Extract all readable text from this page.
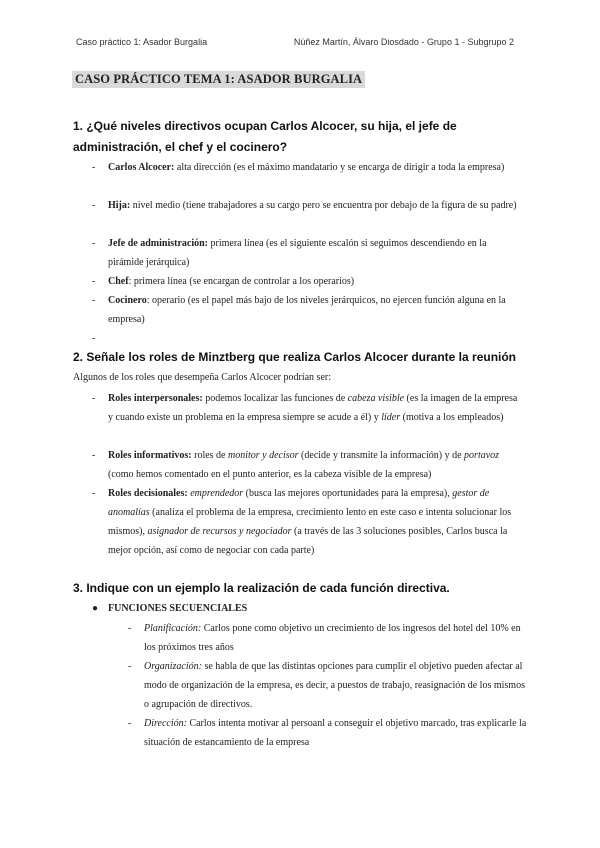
Caso práctico 1: Asador Burgalia	Núñez Martín, Álvaro Diosdado - Grupo 1 - Subgrupo 2
CASO PRÁCTICO TEMA 1: ASADOR BURGALIA
1. ¿Qué niveles directivos ocupan Carlos Alcocer, su hija, el jefe de administración, el chef y el cocinero?
- Carlos Alcocer: alta dirección (es el máximo mandatario y se encarga de dirigir a toda la empresa)
- Hija: nivel medio (tiene trabajadores a su cargo pero se encuentra por debajo de la figura de su padre)
- Jefe de administración: primera línea (es el siguiente escalón si seguimos descendiendo en la pirámide jerárquica)
- Chef: primera línea (se encargan de controlar a los operarios)
- Cocinero: operario (es el papel más bajo de los niveles jerárquicos, no ejercen función alguna en la empresa)
-
2. Señale los roles de Minztberg que realiza Carlos Alcocer durante la reunión
Algunos de los roles que desempeña Carlos Alcocer podrían ser:
- Roles interpersonales: podemos localizar las funciones de cabeza visible (es la imagen de la empresa y cuando existe un problema en la empresa siempre se acude a él) y líder (motiva a los empleados)
- Roles informativos: roles de monitor y decisor (decide y transmite la información) y de portavoz (como hemos comentado en el punto anterior, es la cabeza visible de la empresa)
- Roles decisionales: emprendedor (busca las mejores oportunidades para la empresa), gestor de anomalías (analiza el problema de la empresa, crecimiento lento en este caso e intenta solucionar los mismos), asignador de recursos y negociador (a través de las 3 soluciones posibles, Carlos busca la mejor opción, así como de negociar con cada parte)
3. Indique con un ejemplo la realización de cada función directiva.
● FUNCIONES SECUENCIALES
- Planificación: Carlos pone como objetivo un crecimiento de los ingresos del hotel del 10% en los próximos tres años
- Organización: se habla de que las distintas opciones para cumplir el objetivo pueden afectar al modo de organización de la empresa, es decir, a puestos de trabajo, reasignación de los mismos o agrupación de directivos.
- Dirección: Carlos intenta motivar al persoanl a conseguir el objetivo marcado, tras explicarle la situación de estancamiento de la empresa
